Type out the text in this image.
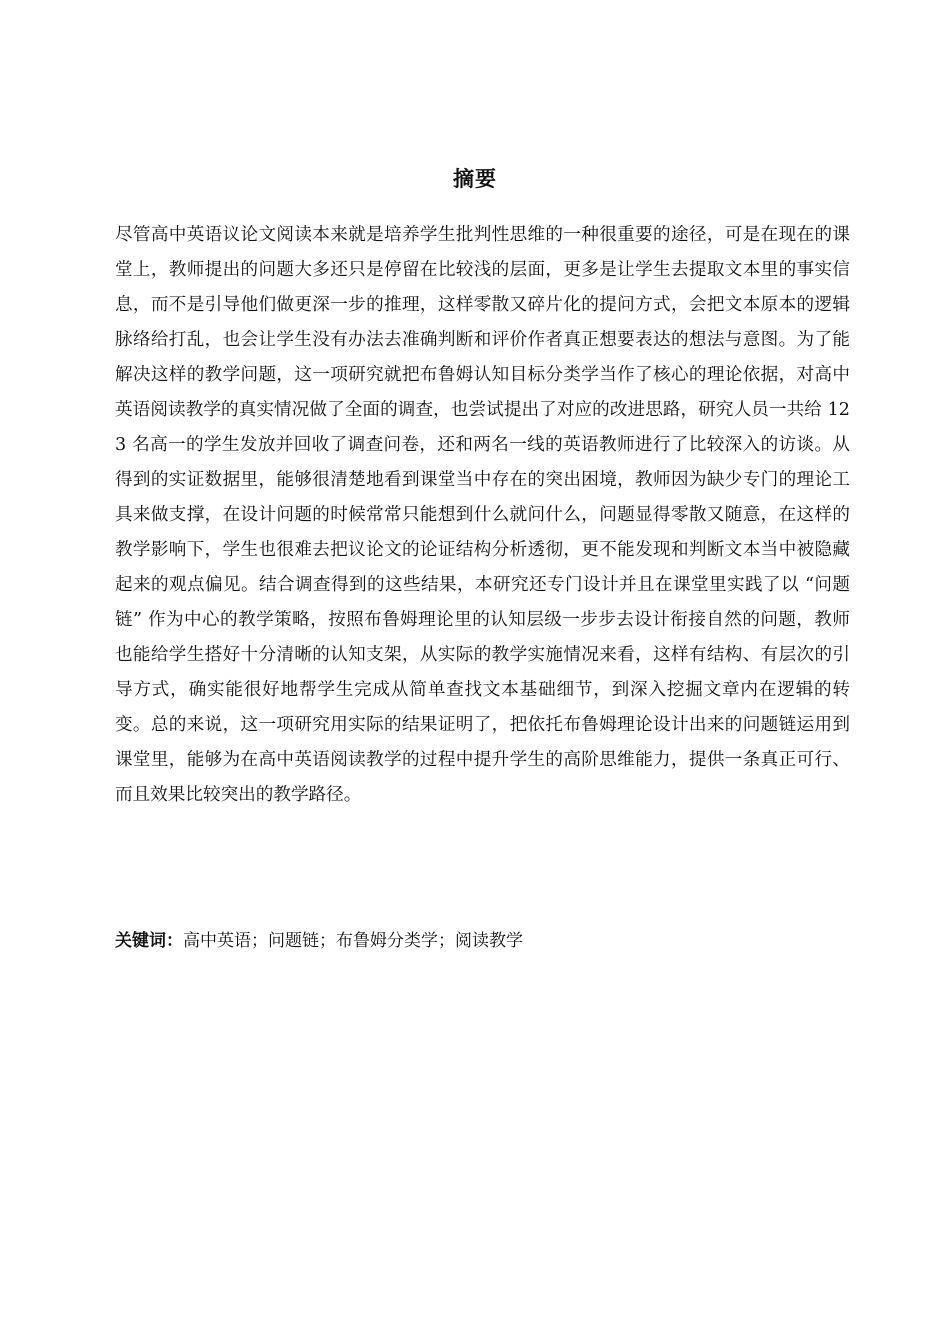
摘要

尽管高中英语议论文阅读本来就是培养学生批判性思维的一种很重要的途径，可是在现在的课堂上，教师提出的问题大多还只是停留在比较浅的层面，更多是让学生去提取文本里的事实信息，而不是引导他们做更深一步的推理，这样零散又碎片化的提问方式，会把文本原本的逻辑脉络给打乱，也会让学生没有办法去准确判断和评价作者真正想要表达的想法与意图。为了能解决这样的教学问题，这一项研究就把布鲁姆认知目标分类学当作了核心的理论依据，对高中英语阅读教学的真实情况做了全面的调查，也尝试提出了对应的改进思路，研究人员一共给 123 名高一的学生发放并回收了调查问卷，还和两名一线的英语教师进行了比较深入的访谈。从得到的实证数据里，能够很清楚地看到课堂当中存在的突出困境，教师因为缺少专门的理论工具来做支撑，在设计问题的时候常常只能想到什么就问什么，问题显得零散又随意，在这样的教学影响下，学生也很难去把议论文的论证结构分析透彻，更不能发现和判断文本当中被隐藏起来的观点偏见。结合调查得到的这些结果，本研究还专门设计并且在课堂里实践了以 “问题链” 作为中心的教学策略，按照布鲁姆理论里的认知层级一步步去设计衔接自然的问题，教师也能给学生搭好十分清晰的认知支架，从实际的教学实施情况来看，这样有结构、有层次的引导方式，确实能很好地帮学生完成从简单查找文本基础细节，到深入挖掘文章内在逻辑的转变。总的来说，这一项研究用实际的结果证明了，把依托布鲁姆理论设计出来的问题链运用到课堂里，能够为在高中英语阅读教学的过程中提升学生的高阶思维能力，提供一条真正可行、而且效果比较突出的教学路径。

关键词：高中英语；问题链；布鲁姆分类学；阅读教学
